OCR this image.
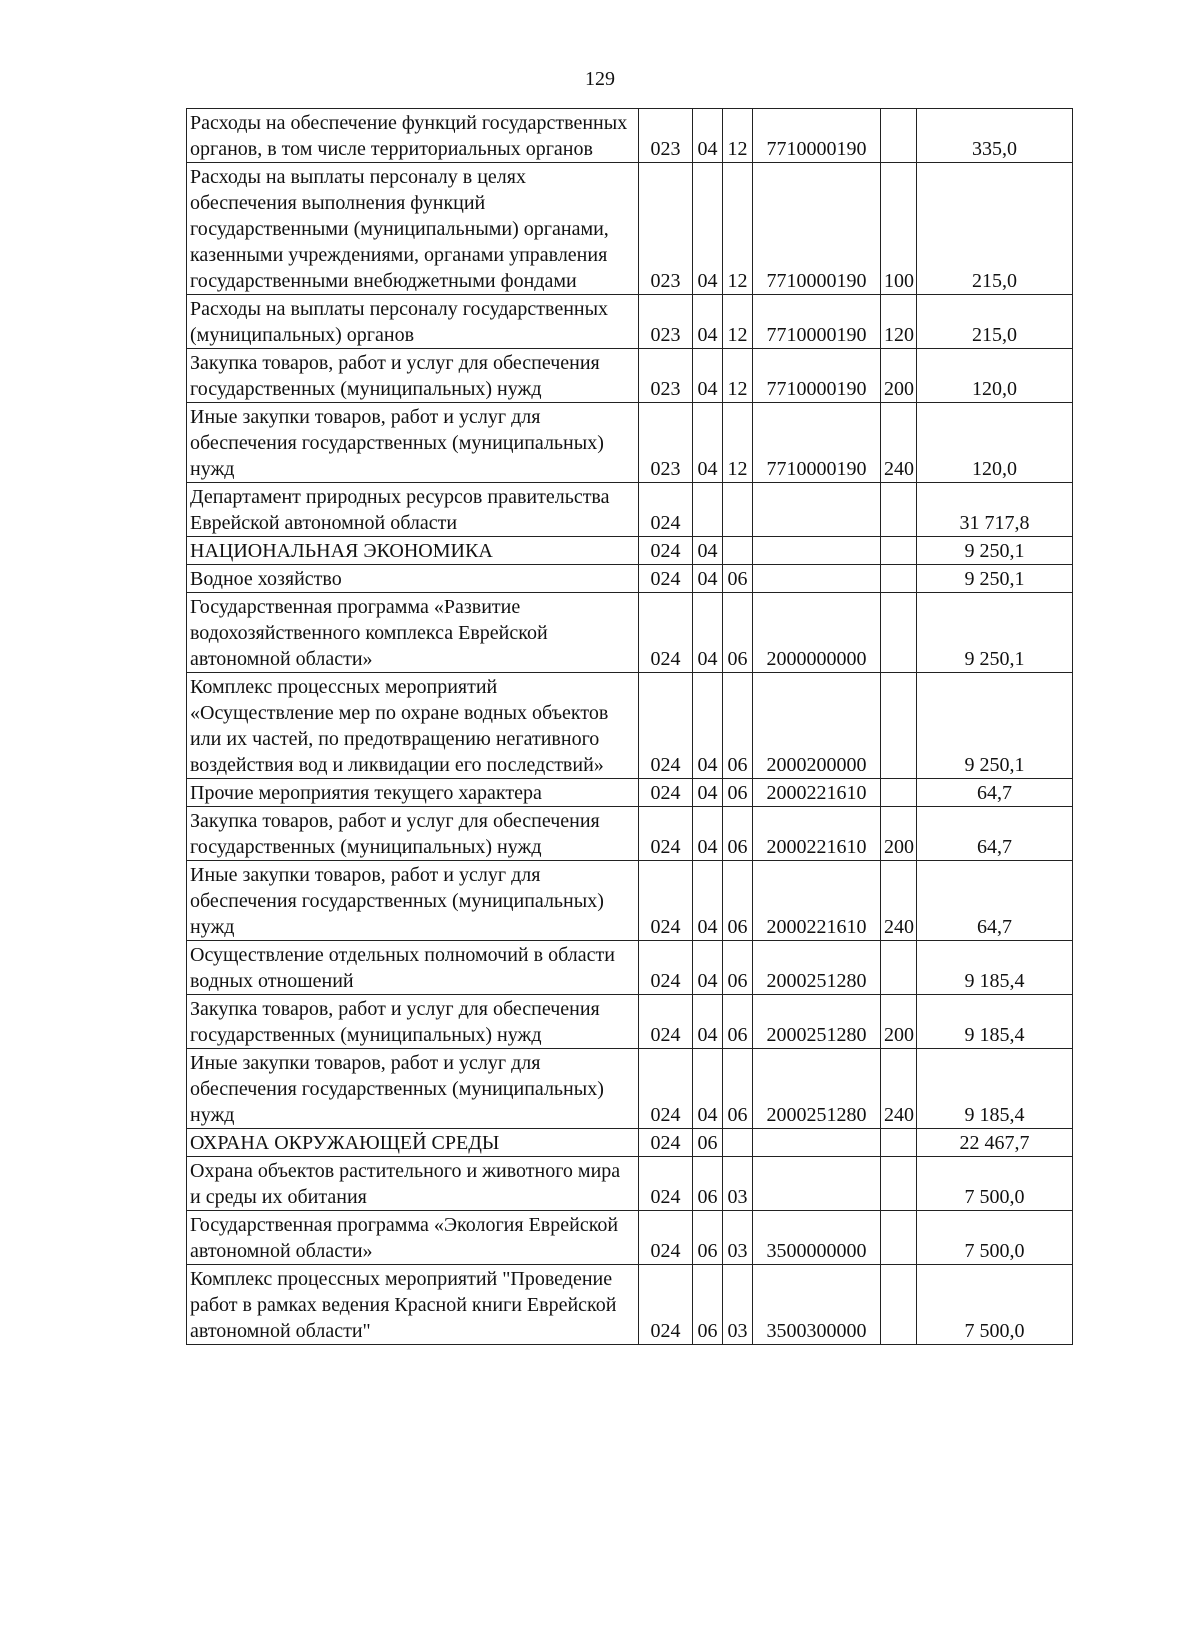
129
Расходы на обеспечение функций государственных органов, в том числе территориальных органов	023	04	12	7710000190		335,0
Расходы на выплаты персоналу в целях обеспечения выполнения функций государственными (муниципальными) органами, казенными учреждениями, органами управления государственными внебюджетными фондами	023	04	12	7710000190	100	215,0
Расходы на выплаты персоналу государственных (муниципальных) органов	023	04	12	7710000190	120	215,0
Закупка товаров, работ и услуг для обеспечения государственных (муниципальных) нужд	023	04	12	7710000190	200	120,0
Иные закупки товаров, работ и услуг для обеспечения государственных (муниципальных) нужд	023	04	12	7710000190	240	120,0
Департамент природных ресурсов правительства Еврейской автономной области	024					31 717,8
НАЦИОНАЛЬНАЯ ЭКОНОМИКА	024	04				9 250,1
Водное хозяйство	024	04	06			9 250,1
Государственная программа «Развитие водохозяйственного комплекса Еврейской автономной области»	024	04	06	2000000000		9 250,1
Комплекс процессных мероприятий «Осуществление мер по охране водных объектов или их частей, по предотвращению негативного воздействия вод и ликвидации его последствий»	024	04	06	2000200000		9 250,1
Прочие мероприятия текущего характера	024	04	06	2000221610		64,7
Закупка товаров, работ и услуг для обеспечения государственных (муниципальных) нужд	024	04	06	2000221610	200	64,7
Иные закупки товаров, работ и услуг для обеспечения государственных (муниципальных) нужд	024	04	06	2000221610	240	64,7
Осуществление отдельных полномочий в области водных отношений	024	04	06	2000251280		9 185,4
Закупка товаров, работ и услуг для обеспечения государственных (муниципальных) нужд	024	04	06	2000251280	200	9 185,4
Иные закупки товаров, работ и услуг для обеспечения государственных (муниципальных) нужд	024	04	06	2000251280	240	9 185,4
ОХРАНА ОКРУЖАЮЩЕЙ СРЕДЫ	024	06				22 467,7
Охрана объектов растительного и животного мира и среды их обитания	024	06	03			7 500,0
Государственная программа «Экология Еврейской автономной области»	024	06	03	3500000000		7 500,0
Комплекс процессных мероприятий "Проведение работ в рамках ведения Красной книги Еврейской автономной области"	024	06	03	3500300000		7 500,0
